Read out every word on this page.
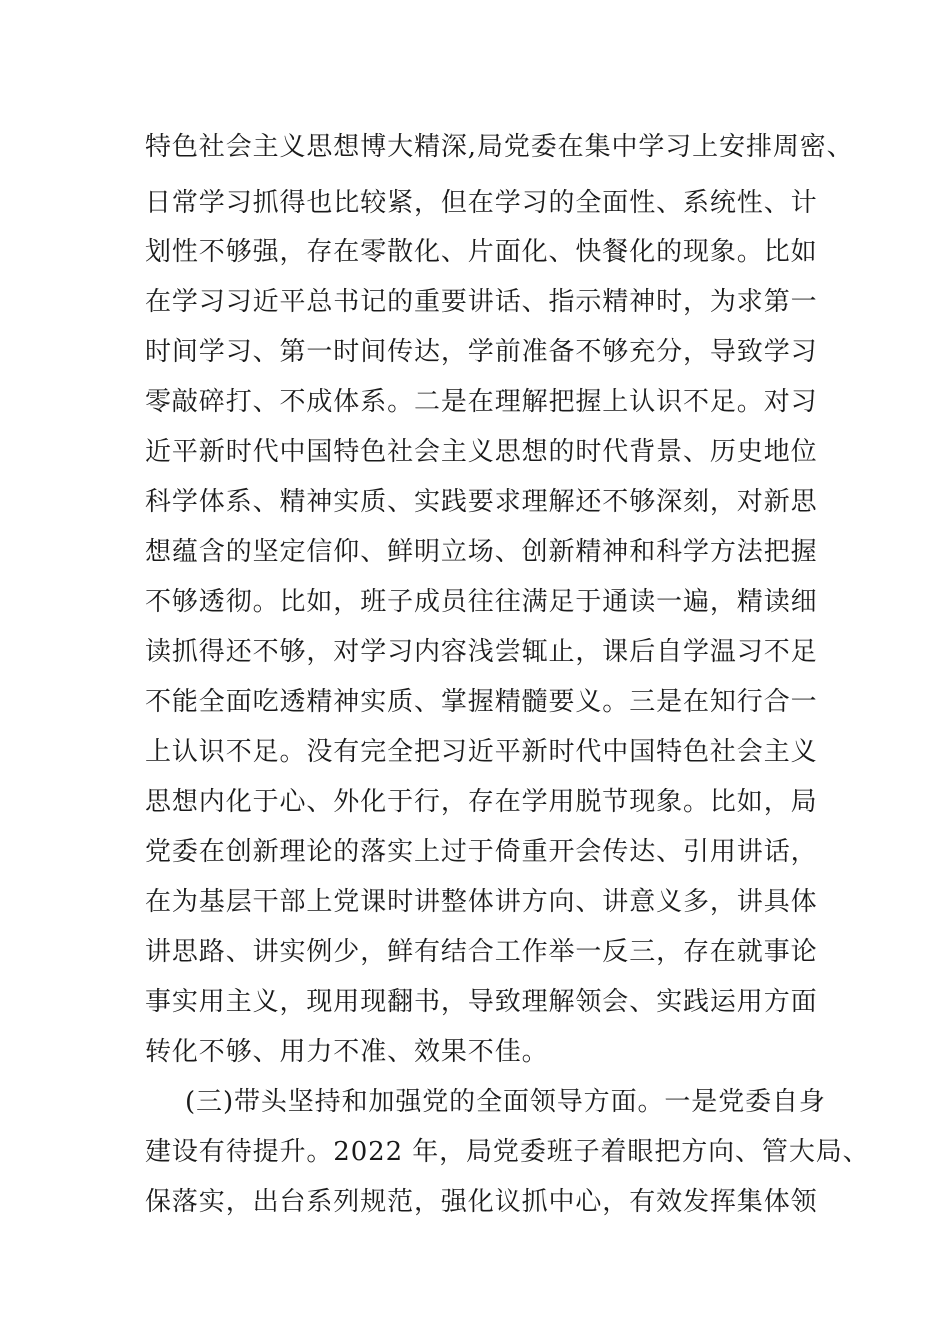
特色社会主义思想博大精深,局党委在集中学习上安排周密、
日常学习抓得也比较紧，但在学习的全面性、系统性、计
划性不够强，存在零散化、片面化、快餐化的现象。比如
在学习习近平总书记的重要讲话、指示精神时，为求第一
时间学习、第一时间传达，学前准备不够充分，导致学习
零敲碎打、不成体系。二是在理解把握上认识不足。对习
近平新时代中国特色社会主义思想的时代背景、历史地位
科学体系、精神实质、实践要求理解还不够深刻，对新思
想蕴含的坚定信仰、鲜明立场、创新精神和科学方法把握
不够透彻。比如，班子成员往往满足于通读一遍，精读细
读抓得还不够，对学习内容浅尝辄止，课后自学温习不足
不能全面吃透精神实质、掌握精髓要义。三是在知行合一
上认识不足。没有完全把习近平新时代中国特色社会主义
思想内化于心、外化于行，存在学用脱节现象。比如，局
党委在创新理论的落实上过于倚重开会传达、引用讲话，
在为基层干部上党课时讲整体讲方向、讲意义多，讲具体
讲思路、讲实例少，鲜有结合工作举一反三，存在就事论
事实用主义，现用现翻书，导致理解领会、实践运用方面
转化不够、用力不准、效果不佳。
(三)带头坚持和加强党的全面领导方面。一是党委自身
建设有待提升。2022 年，局党委班子着眼把方向、管大局、
保落实，出台系列规范，强化议抓中心，有效发挥集体领
